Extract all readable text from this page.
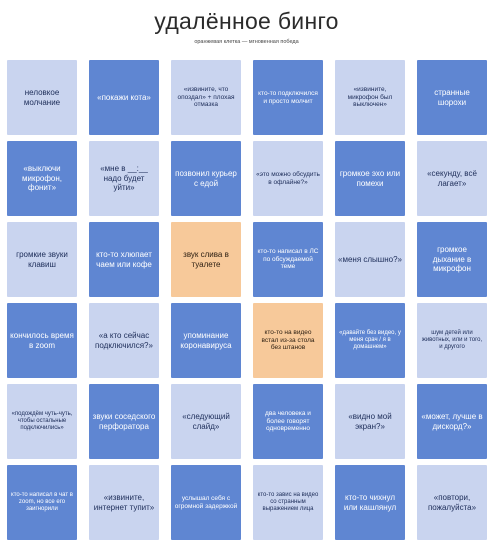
удалённое бинго
оранжевая клетка — мгновенная победа
неловкое молчание
«покажи кота»
«извините, что опоздал» + плохая отмазка
кто-то подключился и просто молчит
«извините, микрофон был выключен»
странные шорохи
«выключи микрофон, фонит»
«мне в __:__ надо будет уйти»
позвонил курьер с едой
«это можно обсудить в офлайне?»
громкое эхо или помехи
«секунду, всё лагает»
громкие звуки клавиш
кто-то хлюпает чаем или кофе
звук слива в туалете
кто-то написал в ЛС по обсуждаемой теме
«меня слышно?»
громкое дыхание в микрофон
кончилось время в zoom
«а кто сейчас подключился?»
упоминание коронавируса
кто-то на видео встал из-за стола без штанов
«давайте без видео, у меня срач / я в домашнем»
шум детей или животных, или и того, и другого
«подождём чуть-чуть, чтобы остальные подключились»
звуки соседского перфоратора
«следующий слайд»
два человека и более говорят одновременно
«видно мой экран?»
«может, лучше в дискорд?»
кто-то написал в чат в zoom, но все его заигнорили
«извините, интернет тупит»
услышал себя с огромной задержкой
кто-то завис на видео со странным выражением лица
кто-то чихнул или кашлянул
«повтори, пожалуйста»
